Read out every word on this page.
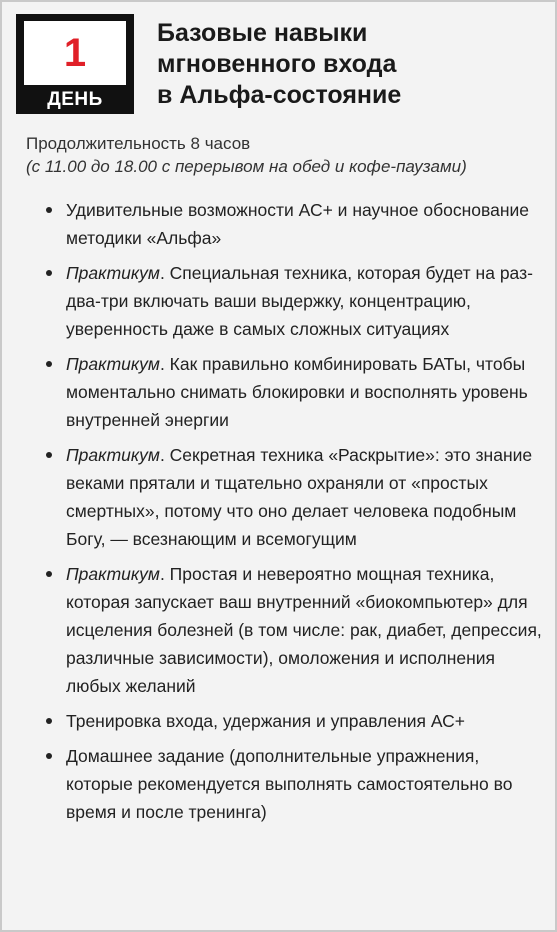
1
ДЕНЬ
Базовые навыки
мгновенного входа
в Альфа-состояние
Продолжительность 8 часов
(с 11.00 до 18.00 с перерывом на обед и кофе-паузами)
Удивительные возможности АС+ и научное обоснование методики «Альфа»
Практикум. Специальная техника, которая будет на раз-два-три включать ваши выдержку, концентрацию, уверенность даже в самых сложных ситуациях
Практикум. Как правильно комбинировать БАТы, чтобы моментально снимать блокировки и восполнять уровень внутренней энергии
Практикум. Секретная техника «Раскрытие»: это знание веками прятали и тщательно охраняли от «простых смертных», потому что оно делает человека подобным Богу, — всезнающим и всемогущим
Практикум. Простая и невероятно мощная техника, которая запускает ваш внутренний «биокомпьютер» для исцеления болезней (в том числе: рак, диабет, депрессия, различные зависимости), омоложения и исполнения любых желаний
Тренировка входа, удержания и управления АС+
Домашнее задание (дополнительные упражнения, которые рекомендуется выполнять самостоятельно во время и после тренинга)
